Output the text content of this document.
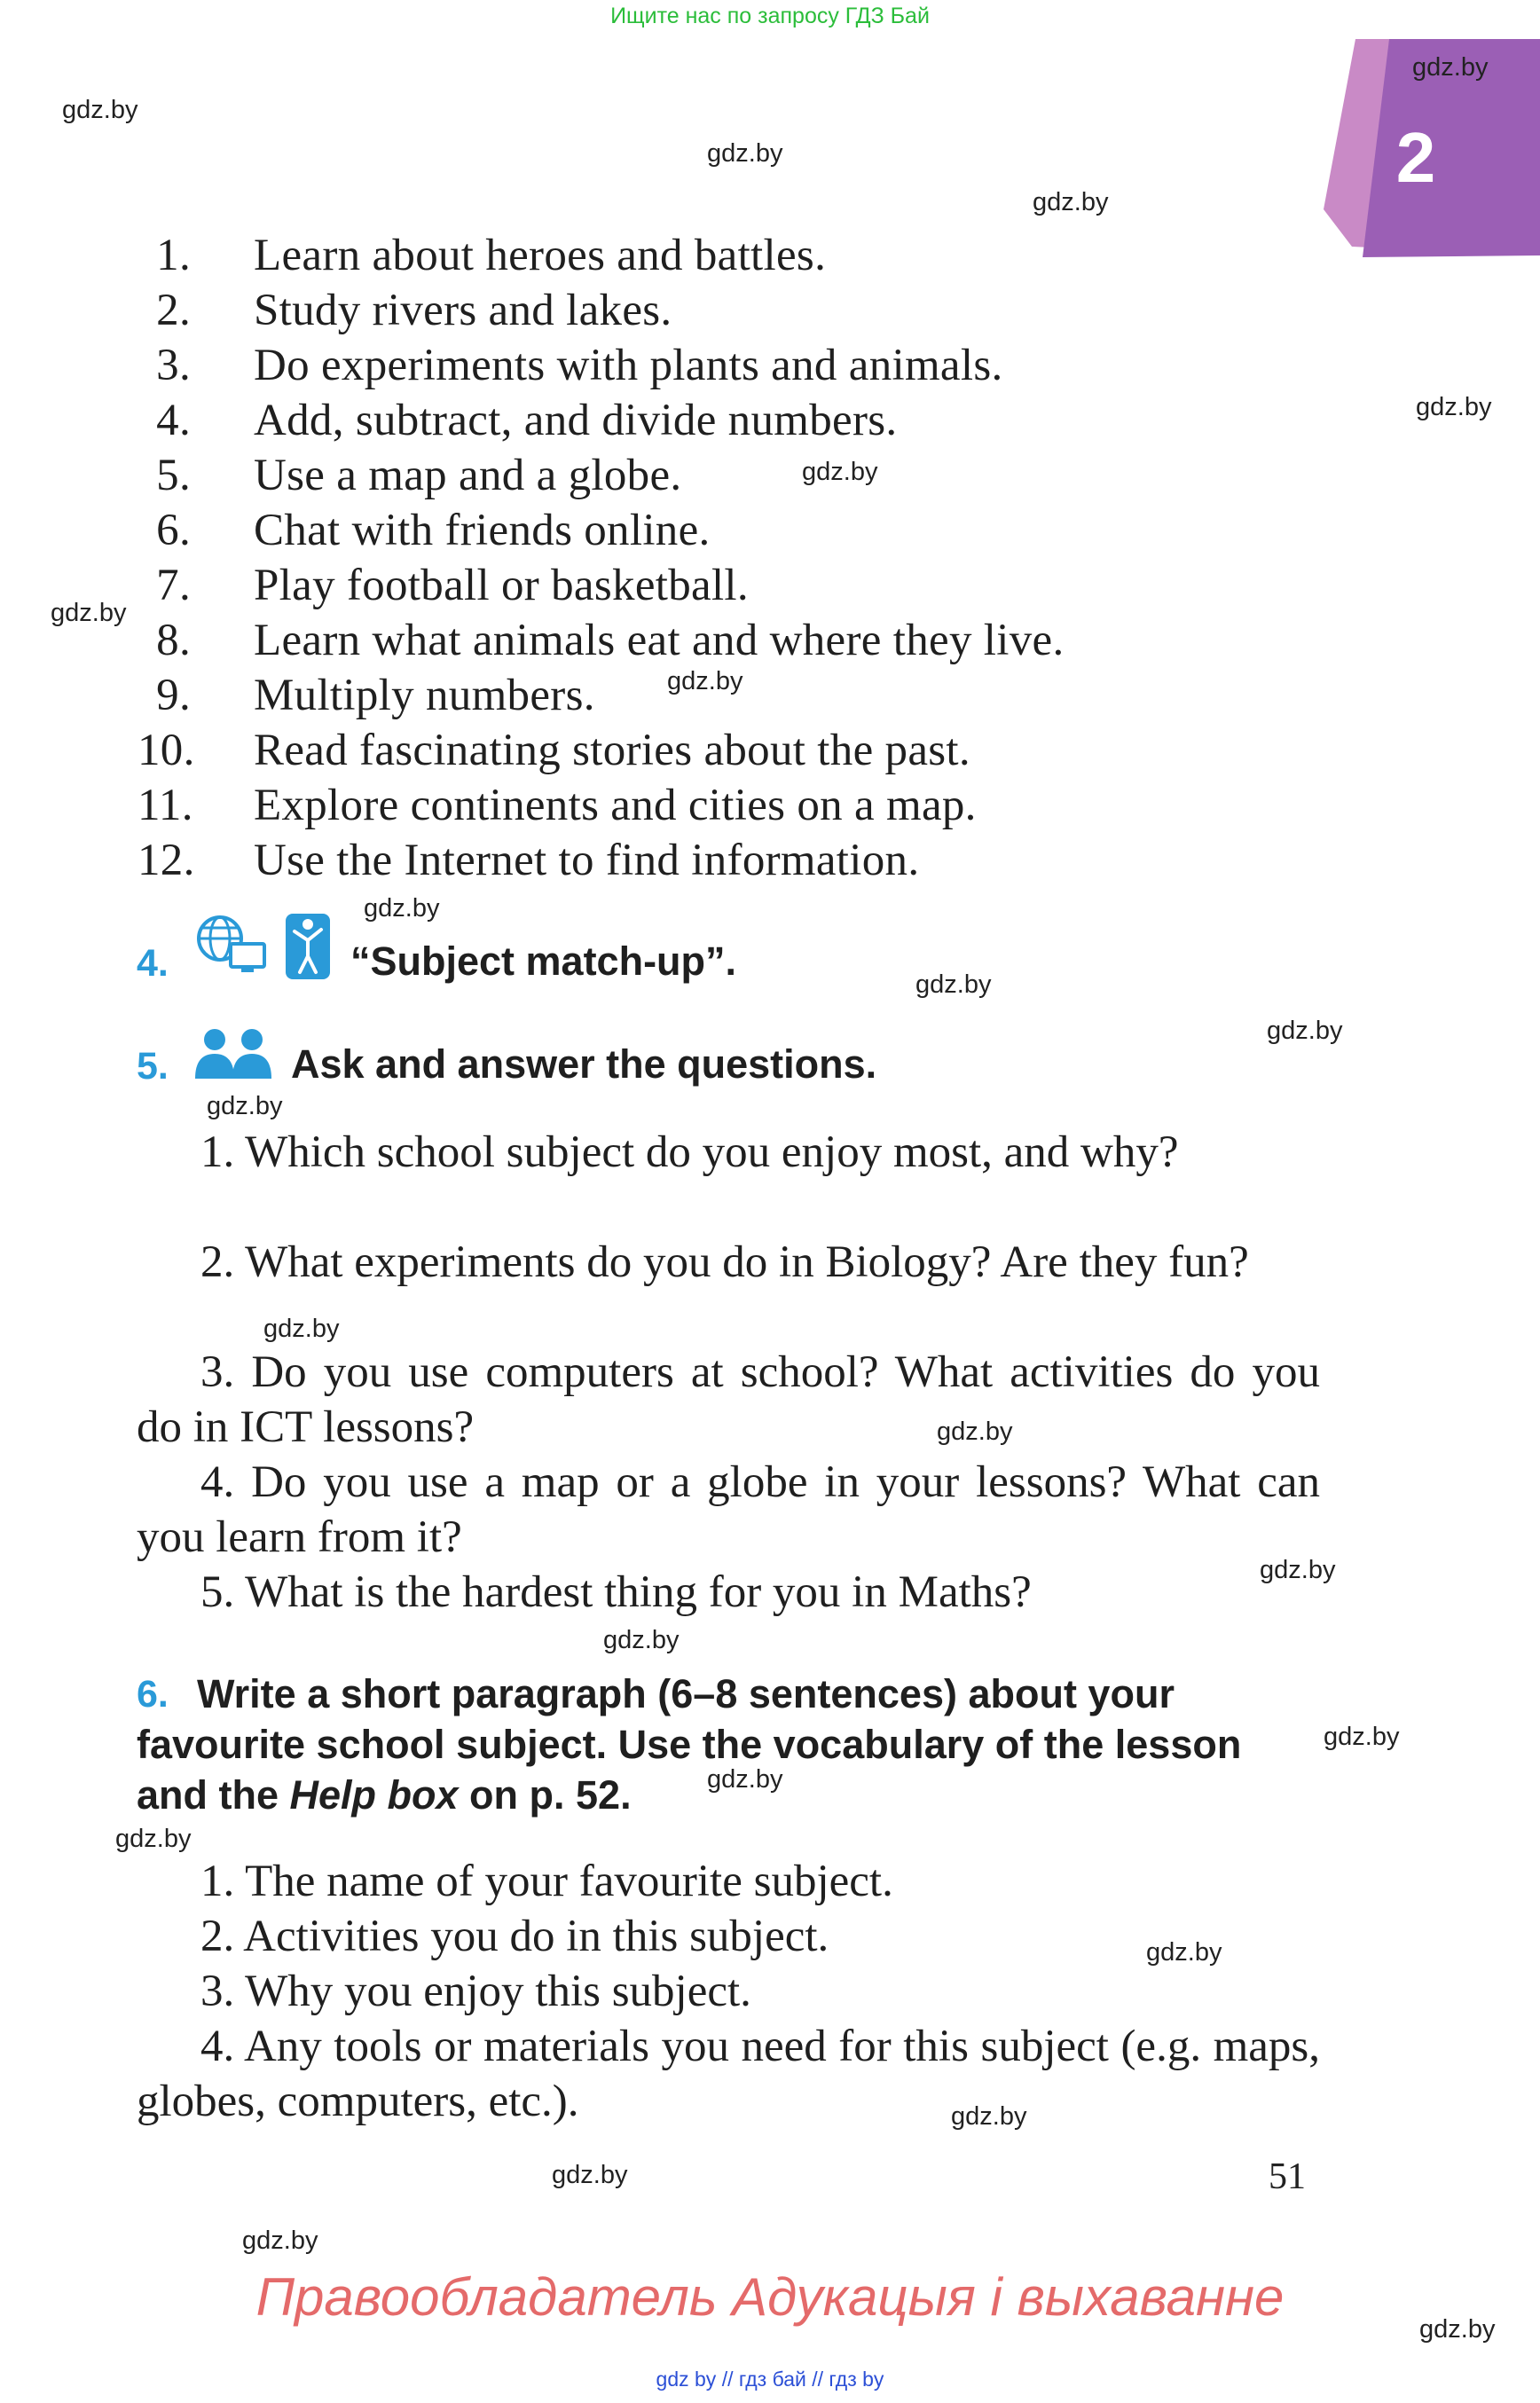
Ищите нас по запросу ГДЗ Бай
2
1. Learn about heroes and battles.
2. Study rivers and lakes.
3. Do experiments with plants and animals.
4. Add, subtract, and divide numbers.
5. Use a map and a globe.
6. Chat with friends online.
7. Play football or basketball.
8. Learn what animals eat and where they live.
9. Multiply numbers.
10. Read fascinating stories about the past.
11. Explore continents and cities on a map.
12. Use the Internet to find information.
4.	“Subject match-up”.
5.	Ask and answer the questions.
1. Which school subject do you enjoy most, and why?
2. What experiments do you do in Biology? Are they fun?
3. Do you use computers at school? What activities do you do in ICT lessons?
4. Do you use a map or a globe in your lessons? What can you learn from it?
5. What is the hardest thing for you in Maths?
6. Write a short paragraph (6–8 sentences) about your
favourite school subject. Use the vocabulary of the lesson
and the Help box on p. 52.
1. The name of your favourite subject.
2. Activities you do in this subject.
3. Why you enjoy this subject.
4. Any tools or materials you need for this subject (e.g. maps, globes, computers, etc.).
51
Правообладатель Адукацыя і выхаванне
gdz by // гдз бай // гдз by
gdz.by
gdz.by
gdz.by
gdz.by
gdz.by
gdz.by
gdz.by
gdz.by
gdz.by
gdz.by
gdz.by
gdz.by
gdz.by
gdz.by
gdz.by
gdz.by
gdz.by
gdz.by
gdz.by
gdz.by
gdz.by
gdz.by
gdz.by
gdz.by
